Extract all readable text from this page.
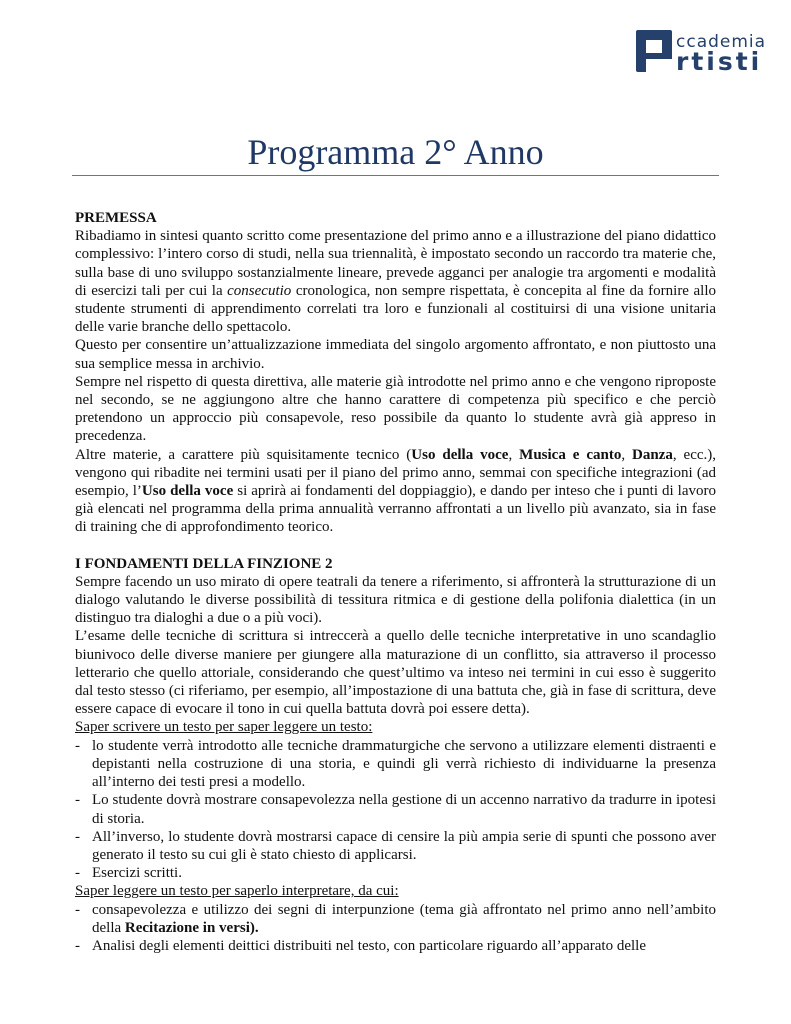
ccademia
rtisti
Programma 2° Anno

PREMESSA

Ribadiamo in sintesi quanto scritto come presentazione del primo anno e a illustrazione del piano didattico complessivo: l’intero corso di studi, nella sua triennalità, è impostato secondo un raccordo tra materie che, sulla base di uno sviluppo sostanzialmente lineare, prevede agganci per analogie tra argomenti e modalità di esercizi tali per cui la consecutio cronologica, non sempre rispettata, è concepita al fine da fornire allo studente strumenti di apprendimento correlati tra loro e funzionali al costituirsi di una visione unitaria delle varie branche dello spettacolo.

Questo per consentire un’attualizzazione immediata del singolo argomento affrontato, e non piuttosto una sua semplice messa in archivio.

Sempre nel rispetto di questa direttiva, alle materie già introdotte nel primo anno e che vengono riproposte nel secondo, se ne aggiungono altre che hanno carattere di competenza più specifico e che perciò pretendono un approccio più consapevole, reso possibile da quanto lo studente avrà già appreso in precedenza.

Altre materie, a carattere più squisitamente tecnico (Uso della voce, Musica e canto, Danza, ecc.), vengono qui ribadite nei termini usati per il piano del primo anno, semmai con specifiche integrazioni (ad esempio, l’Uso della voce si aprirà ai fondamenti del doppiaggio), e dando per inteso che i punti di lavoro già elencati nel programma della prima annualità verranno affrontati a un livello più avanzato, sia in fase di training che di approfondimento teorico.

I FONDAMENTI DELLA FINZIONE 2

Sempre facendo un uso mirato di opere teatrali da tenere a riferimento, si affronterà la strutturazione di un dialogo valutando le diverse possibilità di tessitura ritmica e di gestione della polifonia dialettica (in un distinguo tra dialoghi a due o a più voci).

L’esame delle tecniche di scrittura si intreccerà a quello delle tecniche interpretative in uno scandaglio biunivoco delle diverse maniere per giungere alla maturazione di un conflitto, sia attraverso il processo letterario che quello attoriale, considerando che quest’ultimo va inteso nei termini in cui esso è suggerito dal testo stesso (ci riferiamo, per esempio, all’impostazione di una battuta che, già in fase di scrittura, deve essere capace di evocare il tono in cui quella battuta dovrà poi essere detta).

Saper scrivere un testo per saper leggere un testo:

- lo studente verrà introdotto alle tecniche drammaturgiche che servono a utilizzare elementi distraenti e depistanti nella costruzione di una storia, e quindi gli verrà richiesto di individuarne la presenza all’interno dei testi presi a modello.
- Lo studente dovrà mostrare consapevolezza nella gestione di un accenno narrativo da tradurre in ipotesi di storia.
- All’inverso, lo studente dovrà mostrarsi capace di censire la più ampia serie di spunti che possono aver generato il testo su cui gli è stato chiesto di applicarsi.
- Esercizi scritti.

Saper leggere un testo per saperlo interpretare, da cui:

- consapevolezza e utilizzo dei segni di interpunzione (tema già affrontato nel primo anno nell’ambito della Recitazione in versi).
- Analisi degli elementi deittici distribuiti nel testo, con particolare riguardo all’apparato delle
